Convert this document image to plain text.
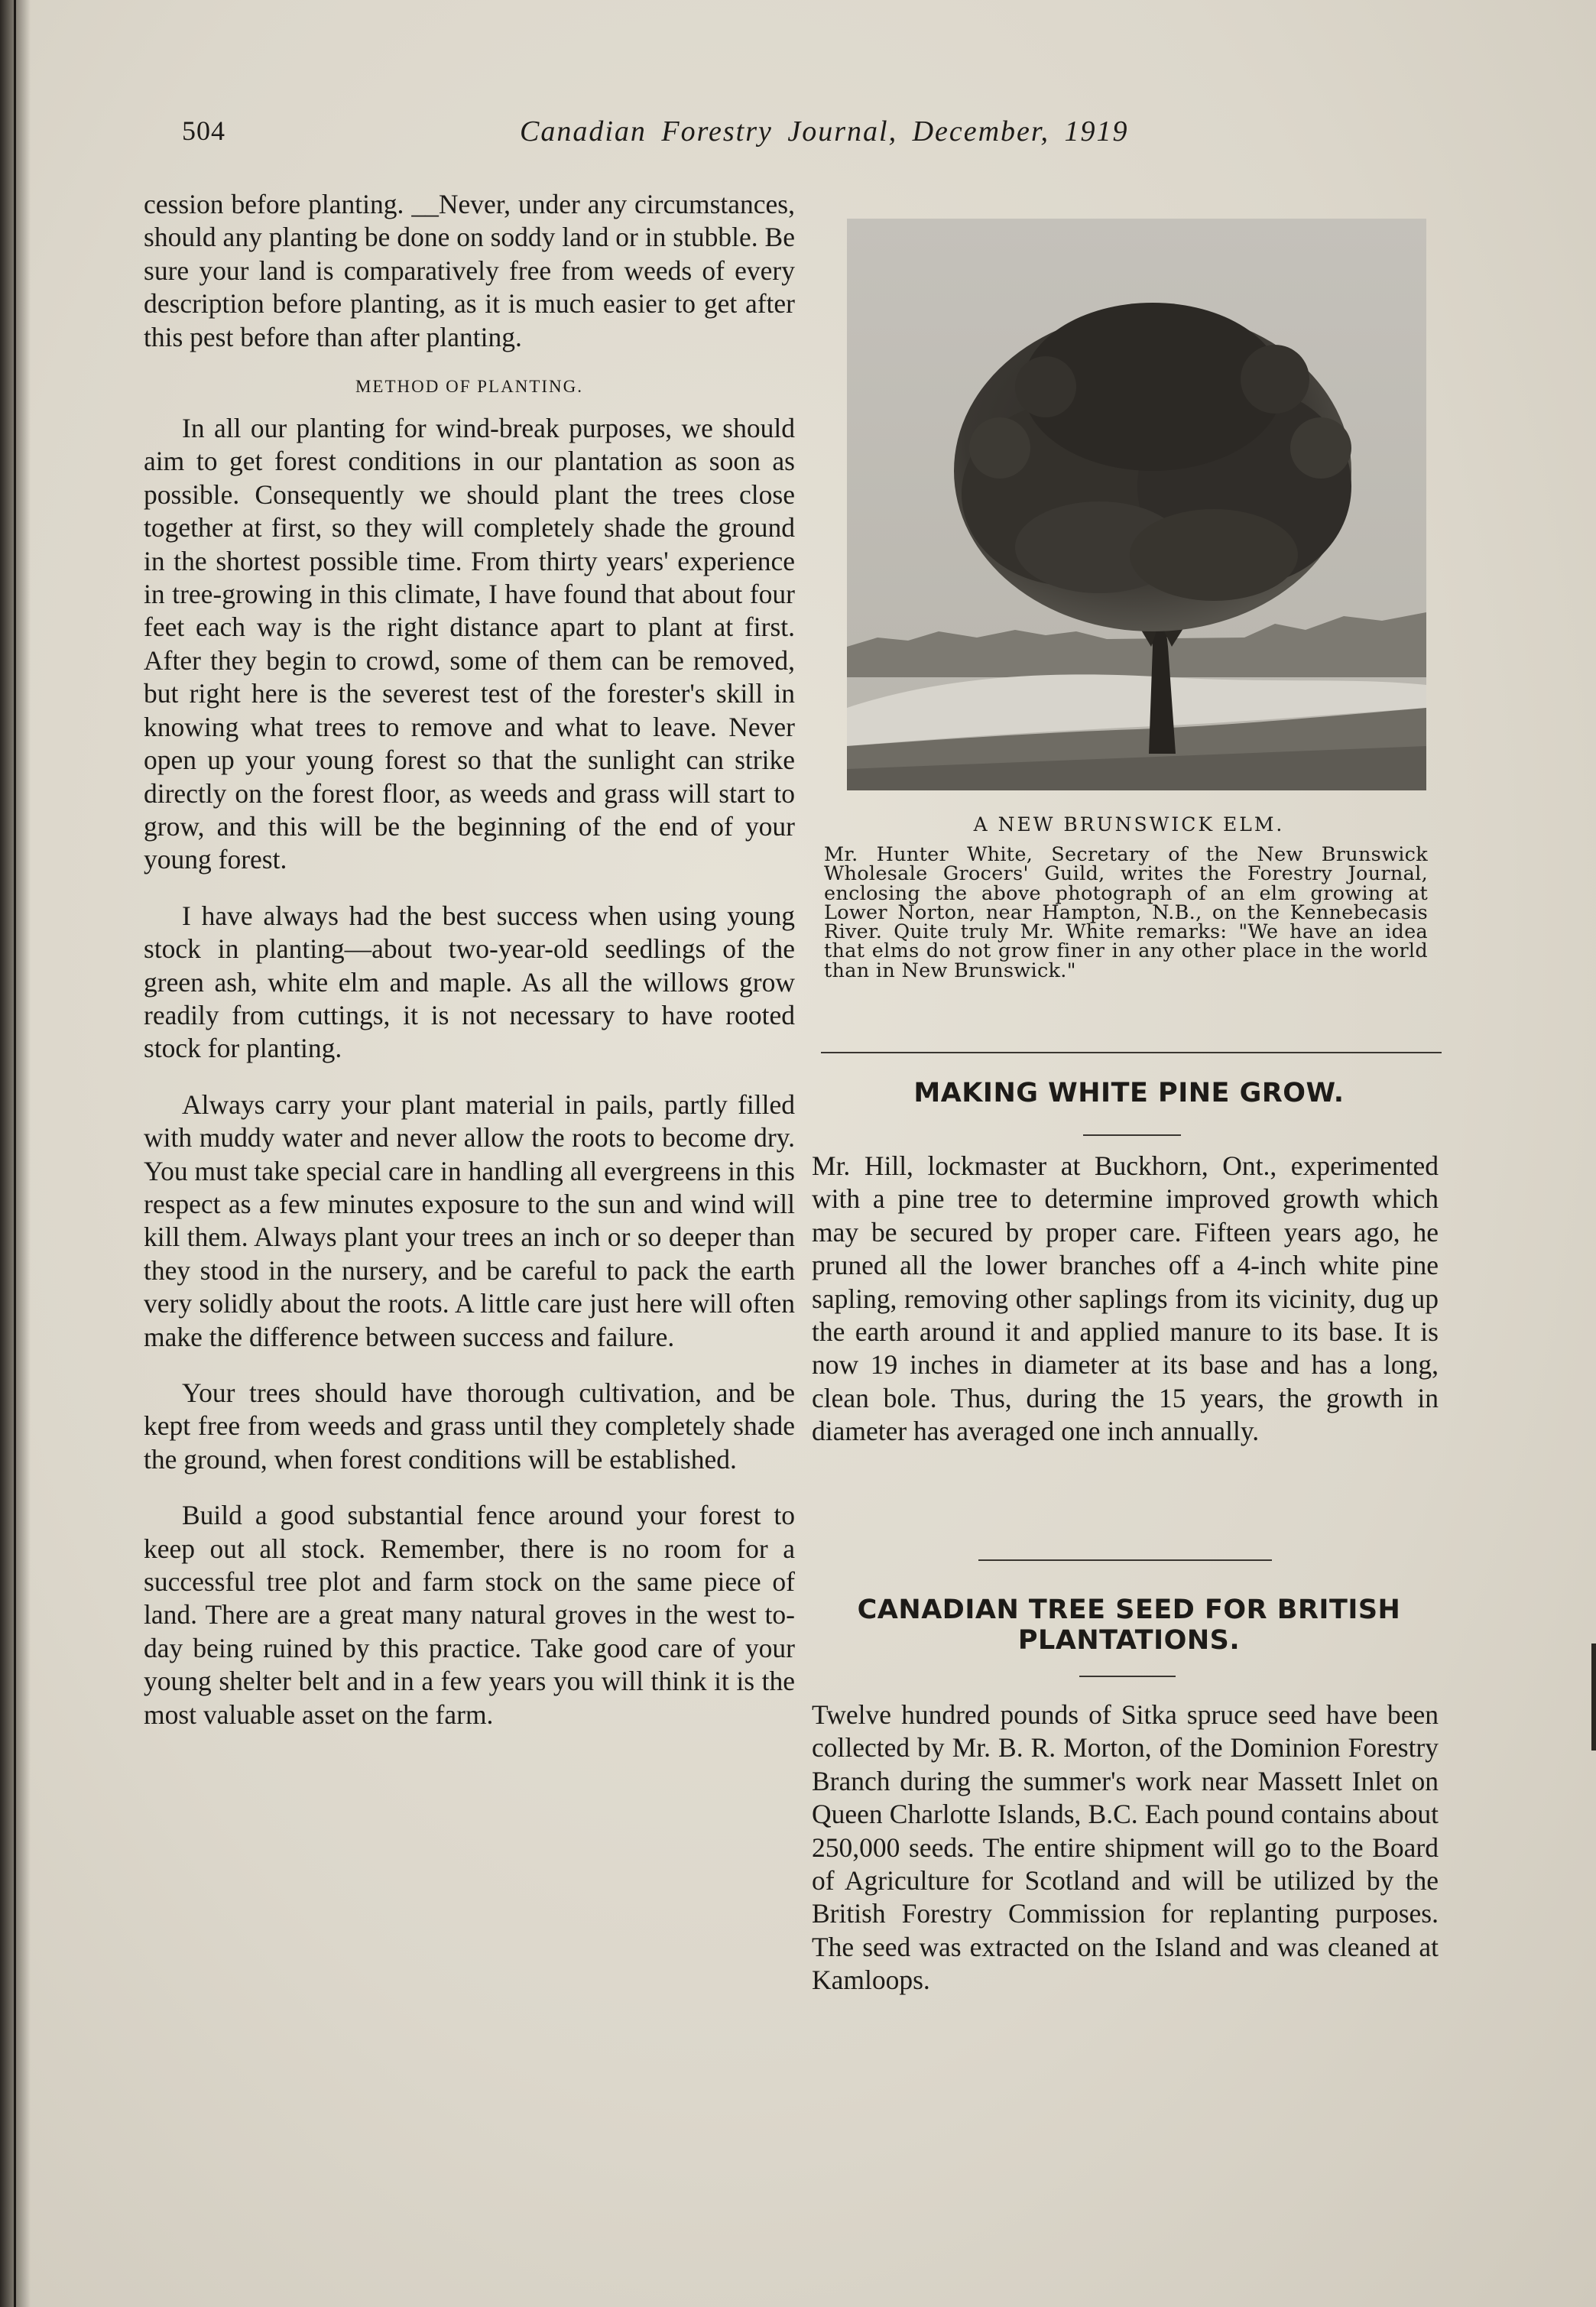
504	Canadian Forestry Journal, December, 1919

cession before planting. __Never, under any circumstances, should any planting be done on soddy land or in stubble. Be sure your land is comparatively free from weeds of every description before planting, as it is much easier to get after this pest before than after planting.

METHOD OF PLANTING.

In all our planting for wind-break purposes, we should aim to get forest conditions in our plantation as soon as possible. Consequently we should plant the trees close together at first, so they will completely shade the ground in the shortest possible time. From thirty years' experience in tree-growing in this climate, I have found that about four feet each way is the right distance apart to plant at first. After they begin to crowd, some of them can be removed, but right here is the severest test of the forester's skill in knowing what trees to remove and what to leave. Never open up your young forest so that the sunlight can strike directly on the forest floor, as weeds and grass will start to grow, and this will be the beginning of the end of your young forest.

I have always had the best success when using young stock in planting—about two-year-old seedlings of the green ash, white elm and maple. As all the willows grow readily from cuttings, it is not necessary to have rooted stock for planting.

Always carry your plant material in pails, partly filled with muddy water and never allow the roots to become dry. You must take special care in handling all evergreens in this respect as a few minutes exposure to the sun and wind will kill them. Always plant your trees an inch or so deeper than they stood in the nursery, and be careful to pack the earth very solidly about the roots. A little care just here will often make the difference between success and failure.

Your trees should have thorough cultivation, and be kept free from weeds and grass until they completely shade the ground, when forest conditions will be established.

Build a good substantial fence around your forest to keep out all stock. Remember, there is no room for a successful tree plot and farm stock on the same piece of land. There are a great many natural groves in the west to-day being ruined by this practice. Take good care of your young shelter belt and in a few years you will think it is the most valuable asset on the farm.

A NEW BRUNSWICK ELM.
Mr. Hunter White, Secretary of the New Brunswick Wholesale Grocers' Guild, writes the Forestry Journal, enclosing the above photograph of an elm growing at Lower Norton, near Hampton, N.B., on the Kennebecasis River. Quite truly Mr. White remarks: "We have an idea that elms do not grow finer in any other place in the world than in New Brunswick."
MAKING WHITE PINE GROW.

Mr. Hill, lockmaster at Buckhorn, Ont., experimented with a pine tree to determine improved growth which may be secured by proper care. Fifteen years ago, he pruned all the lower branches off a 4-inch white pine sapling, removing other saplings from its vicinity, dug up the earth around it and applied manure to its base. It is now 19 inches in diameter at its base and has a long, clean bole. Thus, during the 15 years, the growth in diameter has averaged one inch annually.

CANADIAN TREE SEED FOR BRITISH
PLANTATIONS.

Twelve hundred pounds of Sitka spruce seed have been collected by Mr. B. R. Morton, of the Dominion Forestry Branch during the summer's work near Massett Inlet on Queen Charlotte Islands, B.C. Each pound contains about 250,000 seeds. The entire shipment will go to the Board of Agriculture for Scotland and will be utilized by the British Forestry Commission for replanting purposes. The seed was extracted on the Island and was cleaned at Kamloops.
